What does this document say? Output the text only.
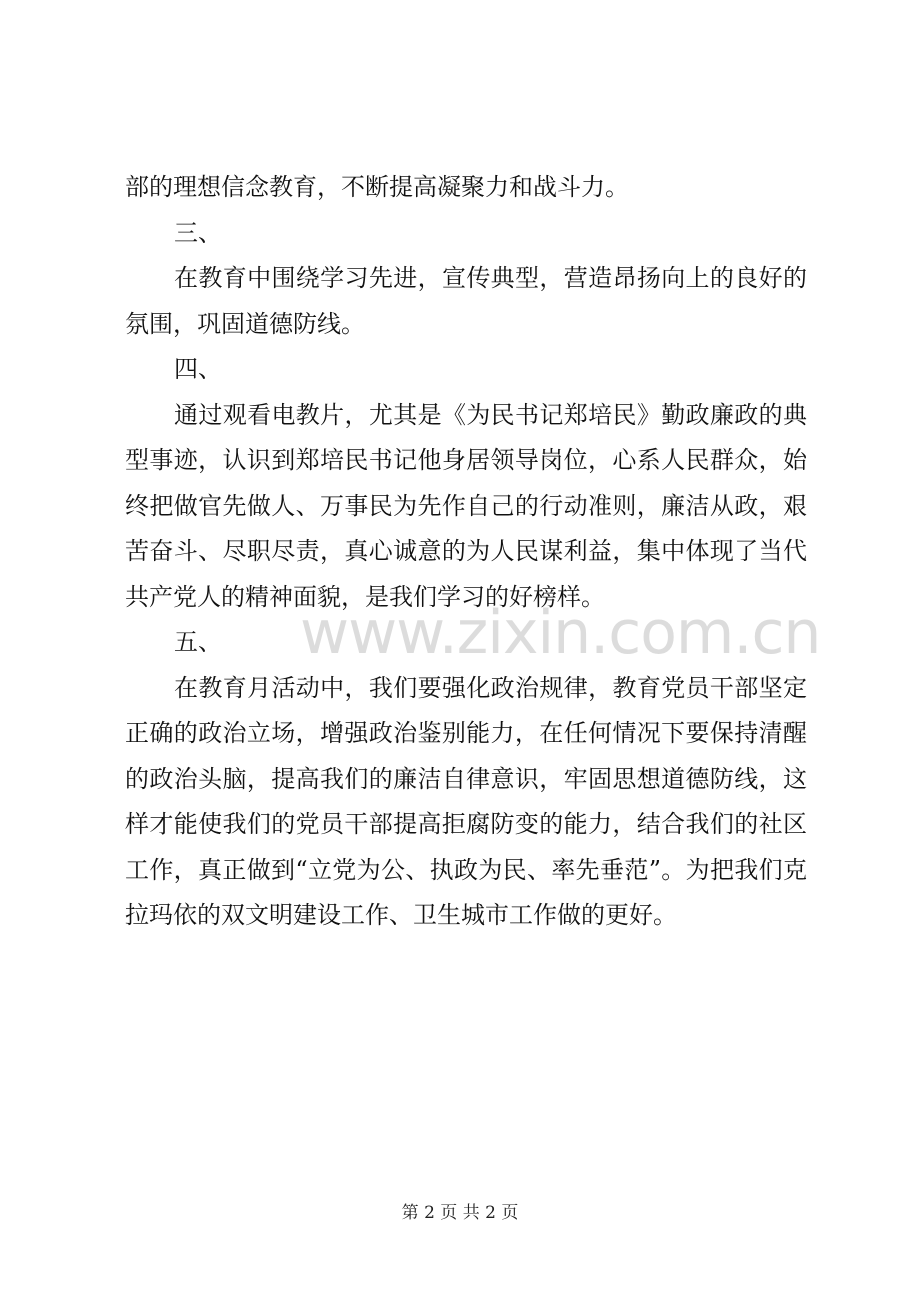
部的理想信念教育，不断提高凝聚力和战斗力。

三、

在教育中围绕学习先进，宣传典型，营造昂扬向上的良好的氛围，巩固道德防线。

四、

通过观看电教片，尤其是《为民书记郑培民》勤政廉政的典型事迹，认识到郑培民书记他身居领导岗位，心系人民群众，始终把做官先做人、万事民为先作自己的行动准则，廉洁从政，艰苦奋斗、尽职尽责，真心诚意的为人民谋利益，集中体现了当代共产党人的精神面貌，是我们学习的好榜样。

五、

在教育月活动中，我们要强化政治规律，教育党员干部坚定正确的政治立场，增强政治鉴别能力，在任何情况下要保持清醒的政治头脑，提高我们的廉洁自律意识，牢固思想道德防线，这样才能使我们的党员干部提高拒腐防变的能力，结合我们的社区工作，真正做到“立党为公、执政为民、率先垂范”。为把我们克拉玛依的双文明建设工作、卫生城市工作做的更好。

www.zixin.com.cn
第 2 页 共 2 页
